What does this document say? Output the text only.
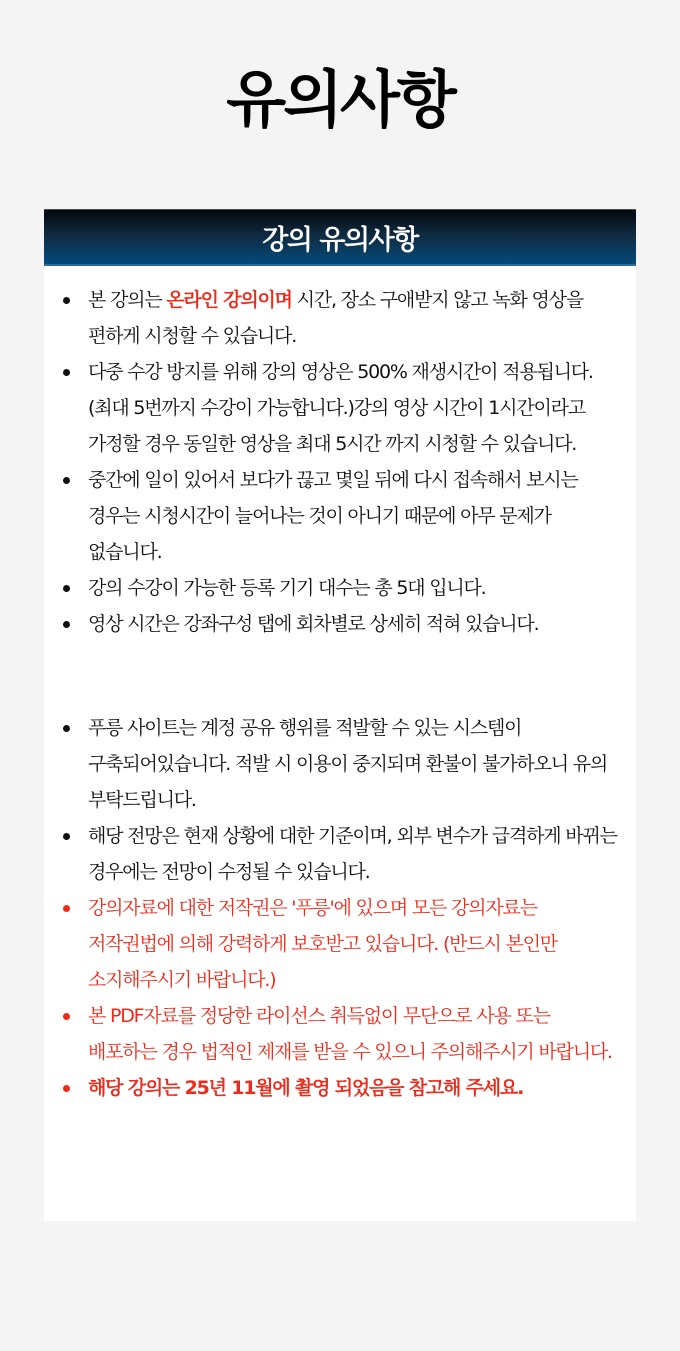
유의사항
강의 유의사항
본 강의는 온라인 강의이며 시간, 장소 구애받지 않고 녹화 영상을 편하게 시청할 수 있습니다.
다중 수강 방지를 위해 강의 영상은 500% 재생시간이 적용됩니다. (최대 5번까지 수강이 가능합니다.)강의 영상 시간이 1시간이라고 가정할 경우 동일한 영상을 최대 5시간 까지 시청할 수 있습니다.
중간에 일이 있어서 보다가 끊고 몇일 뒤에 다시 접속해서 보시는 경우는 시청시간이 늘어나는 것이 아니기 때문에 아무 문제가 없습니다.
강의 수강이 가능한 등록 기기 대수는 총 5대 입니다.
영상 시간은 강좌구성 탭에 회차별로 상세히 적혀 있습니다.
푸릉 사이트는 계정 공유 행위를 적발할 수 있는 시스템이 구축되어있습니다. 적발 시 이용이 중지되며 환불이 불가하오니 유의 부탁드립니다.
해당 전망은 현재 상황에 대한 기준이며, 외부 변수가 급격하게 바뀌는 경우에는 전망이 수정될 수 있습니다.
강의자료에 대한 저작권은 '푸릉'에 있으며 모든 강의자료는 저작권법에 의해 강력하게 보호받고 있습니다. (반드시 본인만 소지해주시기 바랍니다.)
본 PDF자료를 정당한 라이선스 취득없이 무단으로 사용 또는 배포하는 경우 법적인 제재를 받을 수 있으니 주의해주시기 바랍니다.
해당 강의는 25년 11월에 촬영 되었음을 참고해 주세요.
